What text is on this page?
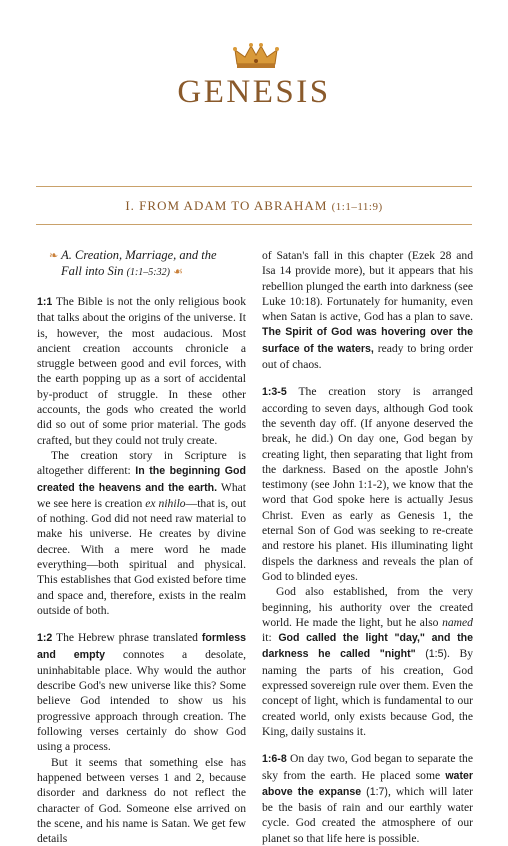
GENESIS
I. FROM ADAM TO ABRAHAM (1:1–11:9)
❧ A. Creation, Marriage, and the
Fall into Sin (1:1–5:32) ☙

1:1 The Bible is not the only religious book that talks about the origins of the universe. It is, however, the most audacious. Most ancient creation accounts chronicle a struggle between good and evil forces, with the earth popping up as a sort of accidental by-product of struggle. In these other accounts, the gods who created the world did so out of some prior material. The gods crafted, but they could not truly create.

The creation story in Scripture is altogether different: In the beginning God created the heavens and the earth. What we see here is creation ex nihilo—that is, out of nothing. God did not need raw material to make his universe. He creates by divine decree. With a mere word he made everything—both spiritual and physical. This establishes that God existed before time and space and, therefore, exists in the realm outside of both.

1:2 The Hebrew phrase translated formless and empty connotes a desolate, uninhabitable place. Why would the author describe God's new universe like this? Some believe God intended to show us his progressive approach through creation. The following verses certainly do show God using a process.

But it seems that something else has happened between verses 1 and 2, because disorder and darkness do not reflect the character of God. Someone else arrived on the scene, and his name is Satan. We get few details

of Satan's fall in this chapter (Ezek 28 and Isa 14 provide more), but it appears that his rebellion plunged the earth into darkness (see Luke 10:18). Fortunately for humanity, even when Satan is active, God has a plan to save. The Spirit of God was hovering over the surface of the waters, ready to bring order out of chaos.

1:3-5 The creation story is arranged according to seven days, although God took the seventh day off. (If anyone deserved the break, he did.) On day one, God began by creating light, then separating that light from the darkness. Based on the apostle John's testimony (see John 1:1-2), we know that the word that God spoke here is actually Jesus Christ. Even as early as Genesis 1, the eternal Son of God was seeking to re-create and restore his planet. His illuminating light dispels the darkness and reveals the plan of God to blinded eyes.

God also established, from the very beginning, his authority over the created world. He made the light, but he also named it: God called the light "day," and the darkness he called "night" (1:5). By naming the parts of his creation, God expressed sovereign rule over them. Even the concept of light, which is fundamental to our created world, only exists because God, the King, daily sustains it.

1:6-8 On day two, God began to separate the sky from the earth. He placed some water above the expanse (1:7), which will later be the basis of rain and our earthly water cycle. God created the atmosphere of our planet so that life here is possible.
